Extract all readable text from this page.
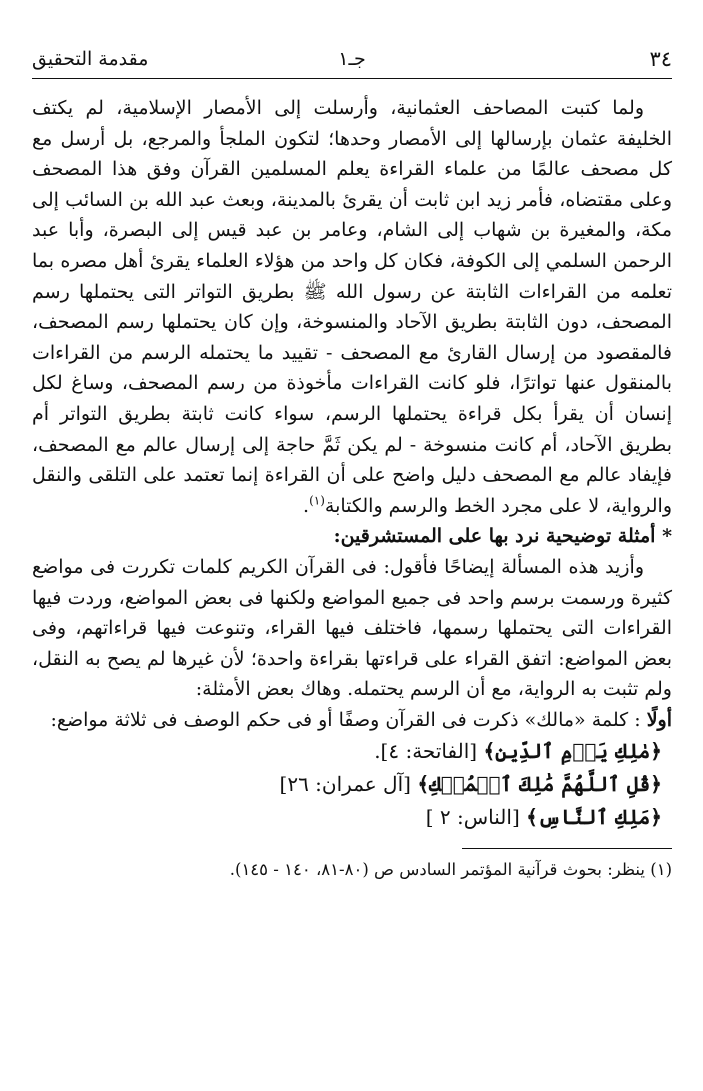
٣٤
جـ١
مقدمة التحقيق

ولما كتبت المصاحف العثمانية، وأرسلت إلى الأمصار الإسلامية، لم يكتف الخليفة عثمان بإرسالها إلى الأمصار وحدها؛ لتكون الملجأ والمرجع، بل أرسل مع كل مصحف عالمًا من علماء القراءة يعلم المسلمين القرآن وفق هذا المصحف وعلى مقتضاه، فأمر زيد ابن ثابت أن يقرئ بالمدينة، وبعث عبد الله بن السائب إلى مكة، والمغيرة بن شهاب إلى الشام، وعامر بن عبد قيس إلى البصرة، وأبا عبد الرحمن السلمي إلى الكوفة، فكان كل واحد من هؤلاء العلماء يقرئ أهل مصره بما تعلمه من القراءات الثابتة عن رسول الله ﷺ بطريق التواتر التى يحتملها رسم المصحف، دون الثابتة بطريق الآحاد والمنسوخة، وإن كان يحتملها رسم المصحف، فالمقصود من إرسال القارئ مع المصحف - تقييد ما يحتمله الرسم من القراءات بالمنقول عنها تواترًا، فلو كانت القراءات مأخوذة من رسم المصحف، وساغ لكل إنسان أن يقرأ بكل قراءة يحتملها الرسم، سواء كانت ثابتة بطريق التواتر أم بطريق الآحاد، أم كانت منسوخة - لم يكن ثَمَّ حاجة إلى إرسال عالم مع المصحف، فإيفاد عالم مع المصحف دليل واضح على أن القراءة إنما تعتمد على التلقى والنقل والرواية، لا على مجرد الخط والرسم والكتابة$^{(١)}$.

* أمثلة توضيحية نرد بها على المستشرقين:

وأزيد هذه المسألة إيضاحًا فأقول: فى القرآن الكريم كلمات تكررت فى مواضع كثيرة ورسمت برسم واحد فى جميع المواضع ولكنها فى بعض المواضع، وردت فيها القراءات التى يحتملها رسمها، فاختلف فيها القراء، وتنوعت فيها قراءاتهم، وفى بعض المواضع: اتفق القراء على قراءتها بقراءة واحدة؛ لأن غيرها لم يصح به النقل، ولم تثبت به الرواية، مع أن الرسم يحتمله. وهاك بعض الأمثلة:

أولًا : كلمة «مالك» ذكرت فى القرآن وصفًا أو فى حكم الوصف فى ثلاثة مواضع:

﴿مٰلِكِ يَوۡمِ ٱلدِّينِ﴾ [الفاتحة: ٤].

﴿قُلِ ٱللَّهُمَّ مَٰلِكَ ٱلۡمُلۡكِ﴾ [آل عمران: ٢٦]

﴿مَلِكِ ٱلنَّاسِ﴾ [الناس: ٢ ]

(١) ينظر: بحوث قرآنية المؤتمر السادس ص (٨٠-٨١، ١٤٠ - ١٤٥).
